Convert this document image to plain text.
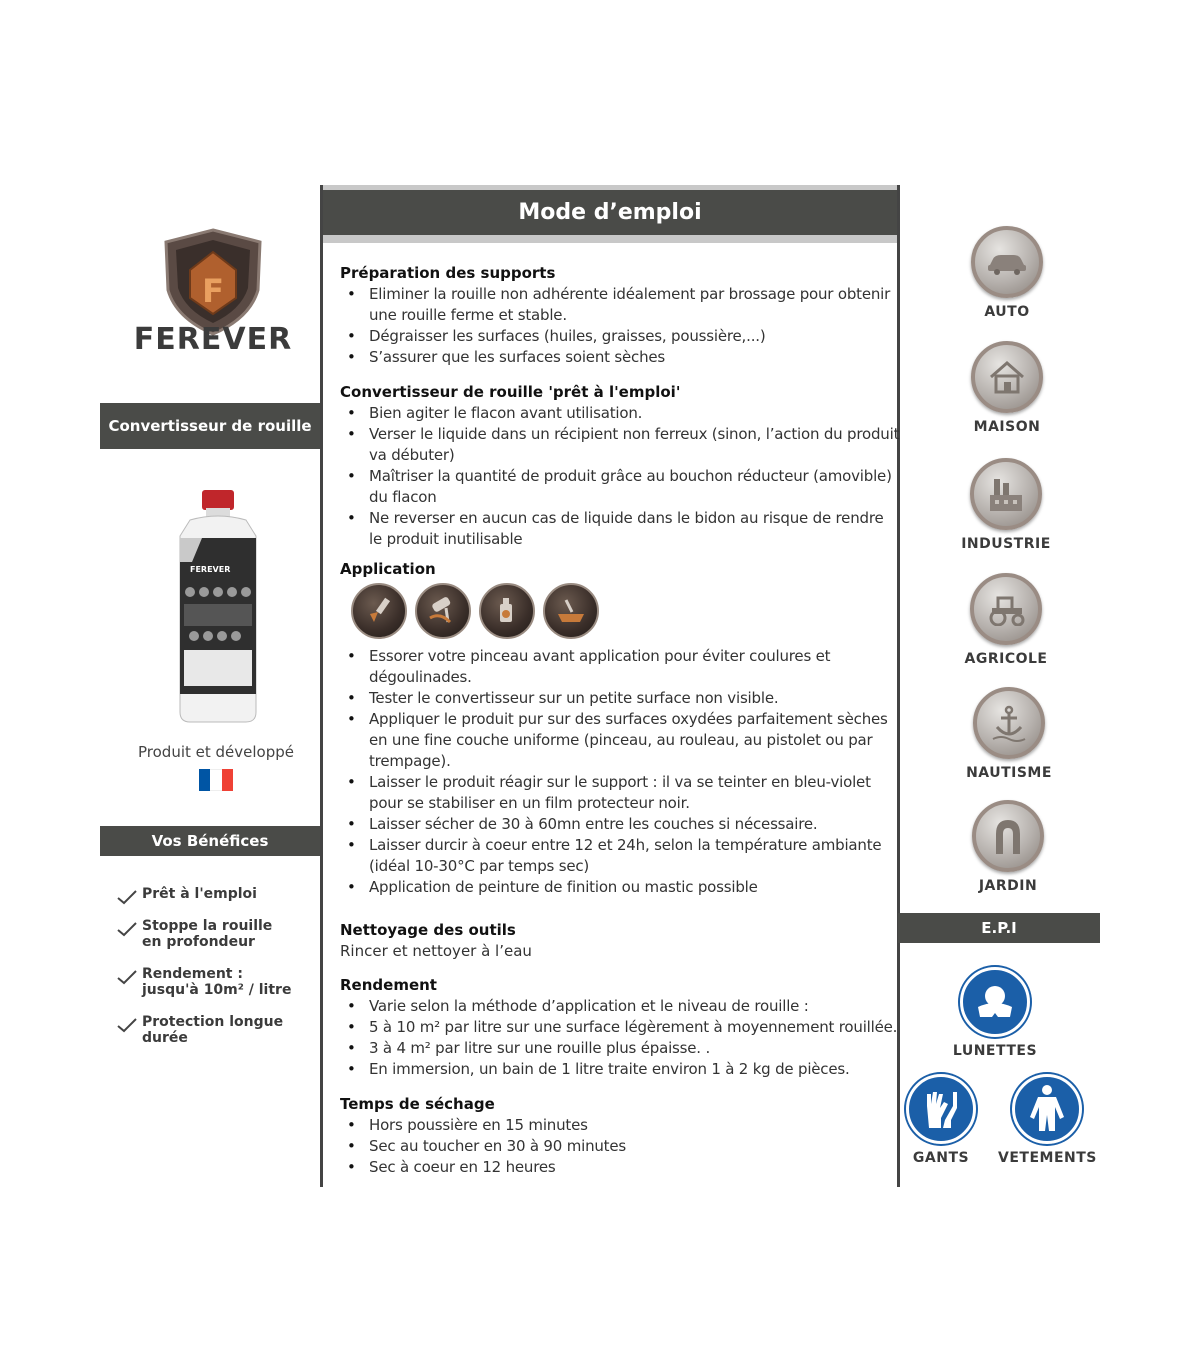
F
FEREVER
Convertisseur de rouille
FEREVER
Produit et développé
Vos Bénéfices
Prêt à l'emploi
Stoppe la rouille
en profondeur
Rendement :
jusqu'à 10m² / litre
Protection longue
durée
Mode d’emploi
Préparation des supports
• Eliminer la rouille non adhérente idéalement par brossage pour obtenir une rouille ferme et stable.
• Dégraisser les surfaces (huiles, graisses, poussière,...)
• S’assurer que les surfaces soient sèches
Convertisseur de rouille 'prêt à l'emploi'
• Bien agiter le flacon avant utilisation.
• Verser le liquide dans un récipient non ferreux (sinon, l’action du produit va débuter)
• Maîtriser la quantité de produit grâce au bouchon réducteur (amovible) du flacon
• Ne reverser en aucun cas de liquide dans le bidon au risque de rendre le produit inutilisable
Application
• Essorer votre pinceau avant application pour éviter coulures et dégoulinades.
• Tester le convertisseur sur un petite surface non visible.
• Appliquer le produit pur sur des surfaces oxydées parfaitement sèches en une fine couche uniforme (pinceau, au rouleau, au pistolet ou par trempage).
• Laisser le produit réagir sur le support : il va se teinter en bleu-violet pour se stabiliser en un film protecteur noir.
• Laisser sécher de 30 à 60mn entre les couches si nécessaire.
• Laisser durcir à coeur entre 12 et 24h, selon la température ambiante (idéal 10-30°C par temps sec)
• Application de peinture de finition ou mastic possible
Nettoyage des outils

Rincer et nettoyer à l’eau

Rendement
• Varie selon la méthode d’application et le niveau de rouille :
• 5 à 10 m² par litre sur une surface légèrement à moyennement rouillée.
• 3 à 4 m² par litre sur une rouille plus épaisse. .
• En immersion, un bain de 1 litre traite environ 1 à 2 kg de pièces.
Temps de séchage
• Hors poussière en 15 minutes
• Sec au toucher en 30 à 90 minutes
• Sec à coeur en 12 heures
AUTO
MAISON
INDUSTRIE
AGRICOLE
NAUTISME
JARDIN
E.P.I
LUNETTES
GANTS	VETEMENTS
